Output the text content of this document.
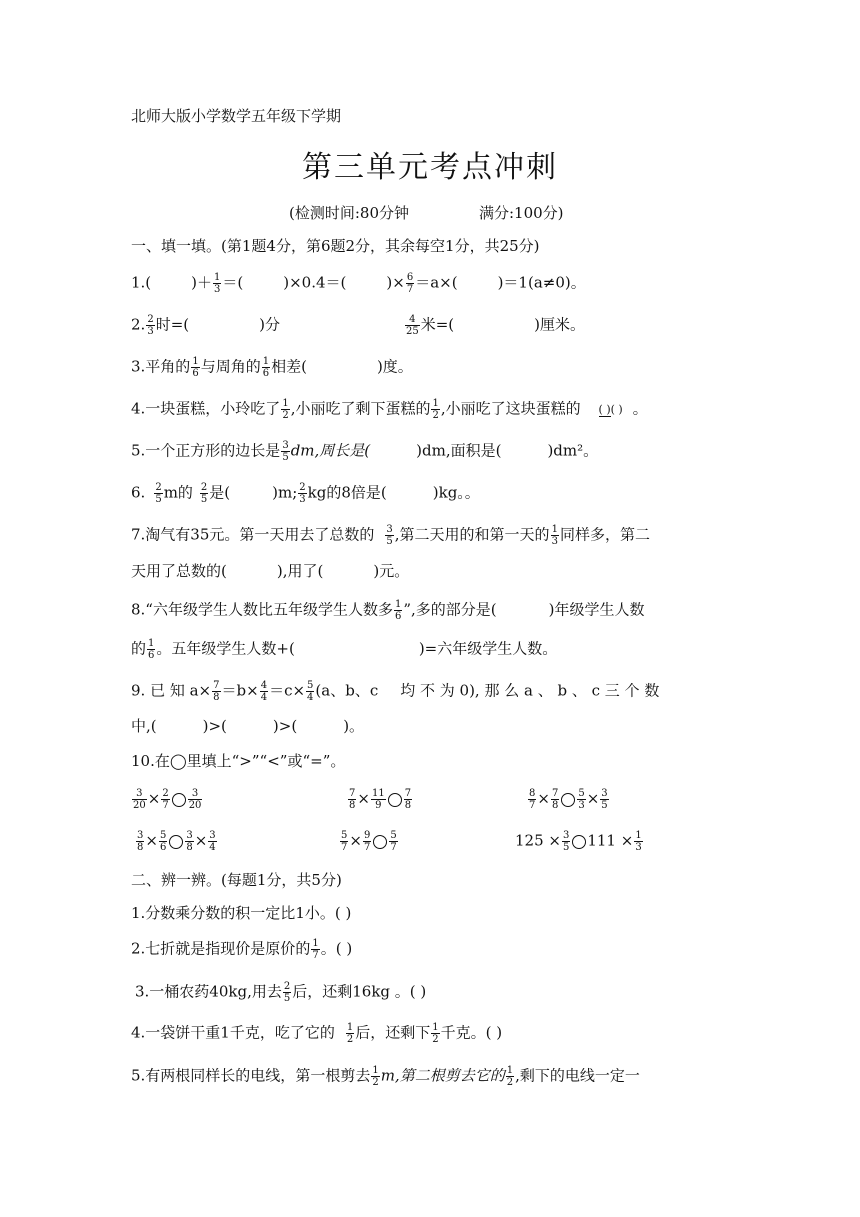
北师大版小学数学五年级下学期
第三单元考点冲刺
(检测时间:80分钟	满分:100分)
一、填一填。(第1题4分，第6题2分，其余每空1分，共25分)
1.(	)＋ $\frac{1}{3}$ ＝(	)×0.4＝(	)× $\frac{6}{7} =a\times$(	)＝1(a≠0)。
2. $\frac{2}{3}$ 时=(	)分	$\frac{4}{25}$ 米=(	)厘米。
3.平角的 $\frac{1}{6}$ 与周角的 $\frac{1}{6}$ 相差(	)度。
4.一块蛋糕，小玲吃了 $\frac{1}{2}$ ,小丽吃了剩下蛋糕的 $\frac{1}{2}$ ,小丽吃了这块蛋糕的 ( )( ) 。
5.一个正方形的边长是 $\frac{3}{5}$ dm,周长是(	)dm,面积是(	)dm²。
6. $\frac{2}{5}$ m的 $\frac{2}{5}$ 是(	)m; $\frac{2}{3}$ kg的8倍是(	)kg。。
7.淘气有35元。第一天用去了总数的 $\frac{3}{5}$ ,第二天用的和第一天的 $\frac{1}{3}$ 同样多，第二
天用了总数的(	),用了(	)元。
8.“六年级学生人数比五年级学生人数多 $\frac{1}{6}$ ”,多的部分是(	)年级学生人数
的 $\frac{1}{6}$ 。五年级学生人数+(	)=六年级学生人数。
9. 已 知 $a\times \frac{7}{8} =b\times \frac{4}{4} =c\times \frac{5}{4} (a$、b、c 均 不 为 0), 那 么 a 、 b 、 c 三 个 数
中,(	)>(	)>(	)。
10.在◯里填上“>”“<”或“=”。
$\frac{3}{20} \times \frac{2}{7} \frac{3}{20}$	$\frac{7}{8} \times \frac{11}{9} \frac{7}{8}$	$\frac{8}{7} \times \frac{7}{8} \frac{5}{3} \times \frac{3}{5}$
$\frac{3}{8} \times \frac{5}{6} \frac{3}{8} \times \frac{3}{4}$	$\frac{5}{7} \times \frac{9}{7} \frac{5}{7}$	$125 \times \frac{3}{5} 111 \times \frac{1}{3}$
二、辨一辨。(每题1分，共5分)
1.分数乘分数的积一定比1小。( )
2.七折就是指现价是原价的 $\frac{1}{7}$ 。( )
3.一桶农药40kg,用去 $\frac{2}{5}$ 后，还剩16kg 。( )
4.一袋饼干重1千克，吃了它的 $\frac{1}{2}$ 后，还剩下 $\frac{1}{2}$ 千克。( )
5.有两根同样长的电线，第一根剪去 $\frac{1}{2} m$,第二根剪去它的 $\frac{1}{2}$ ,剩下的电线一定一
